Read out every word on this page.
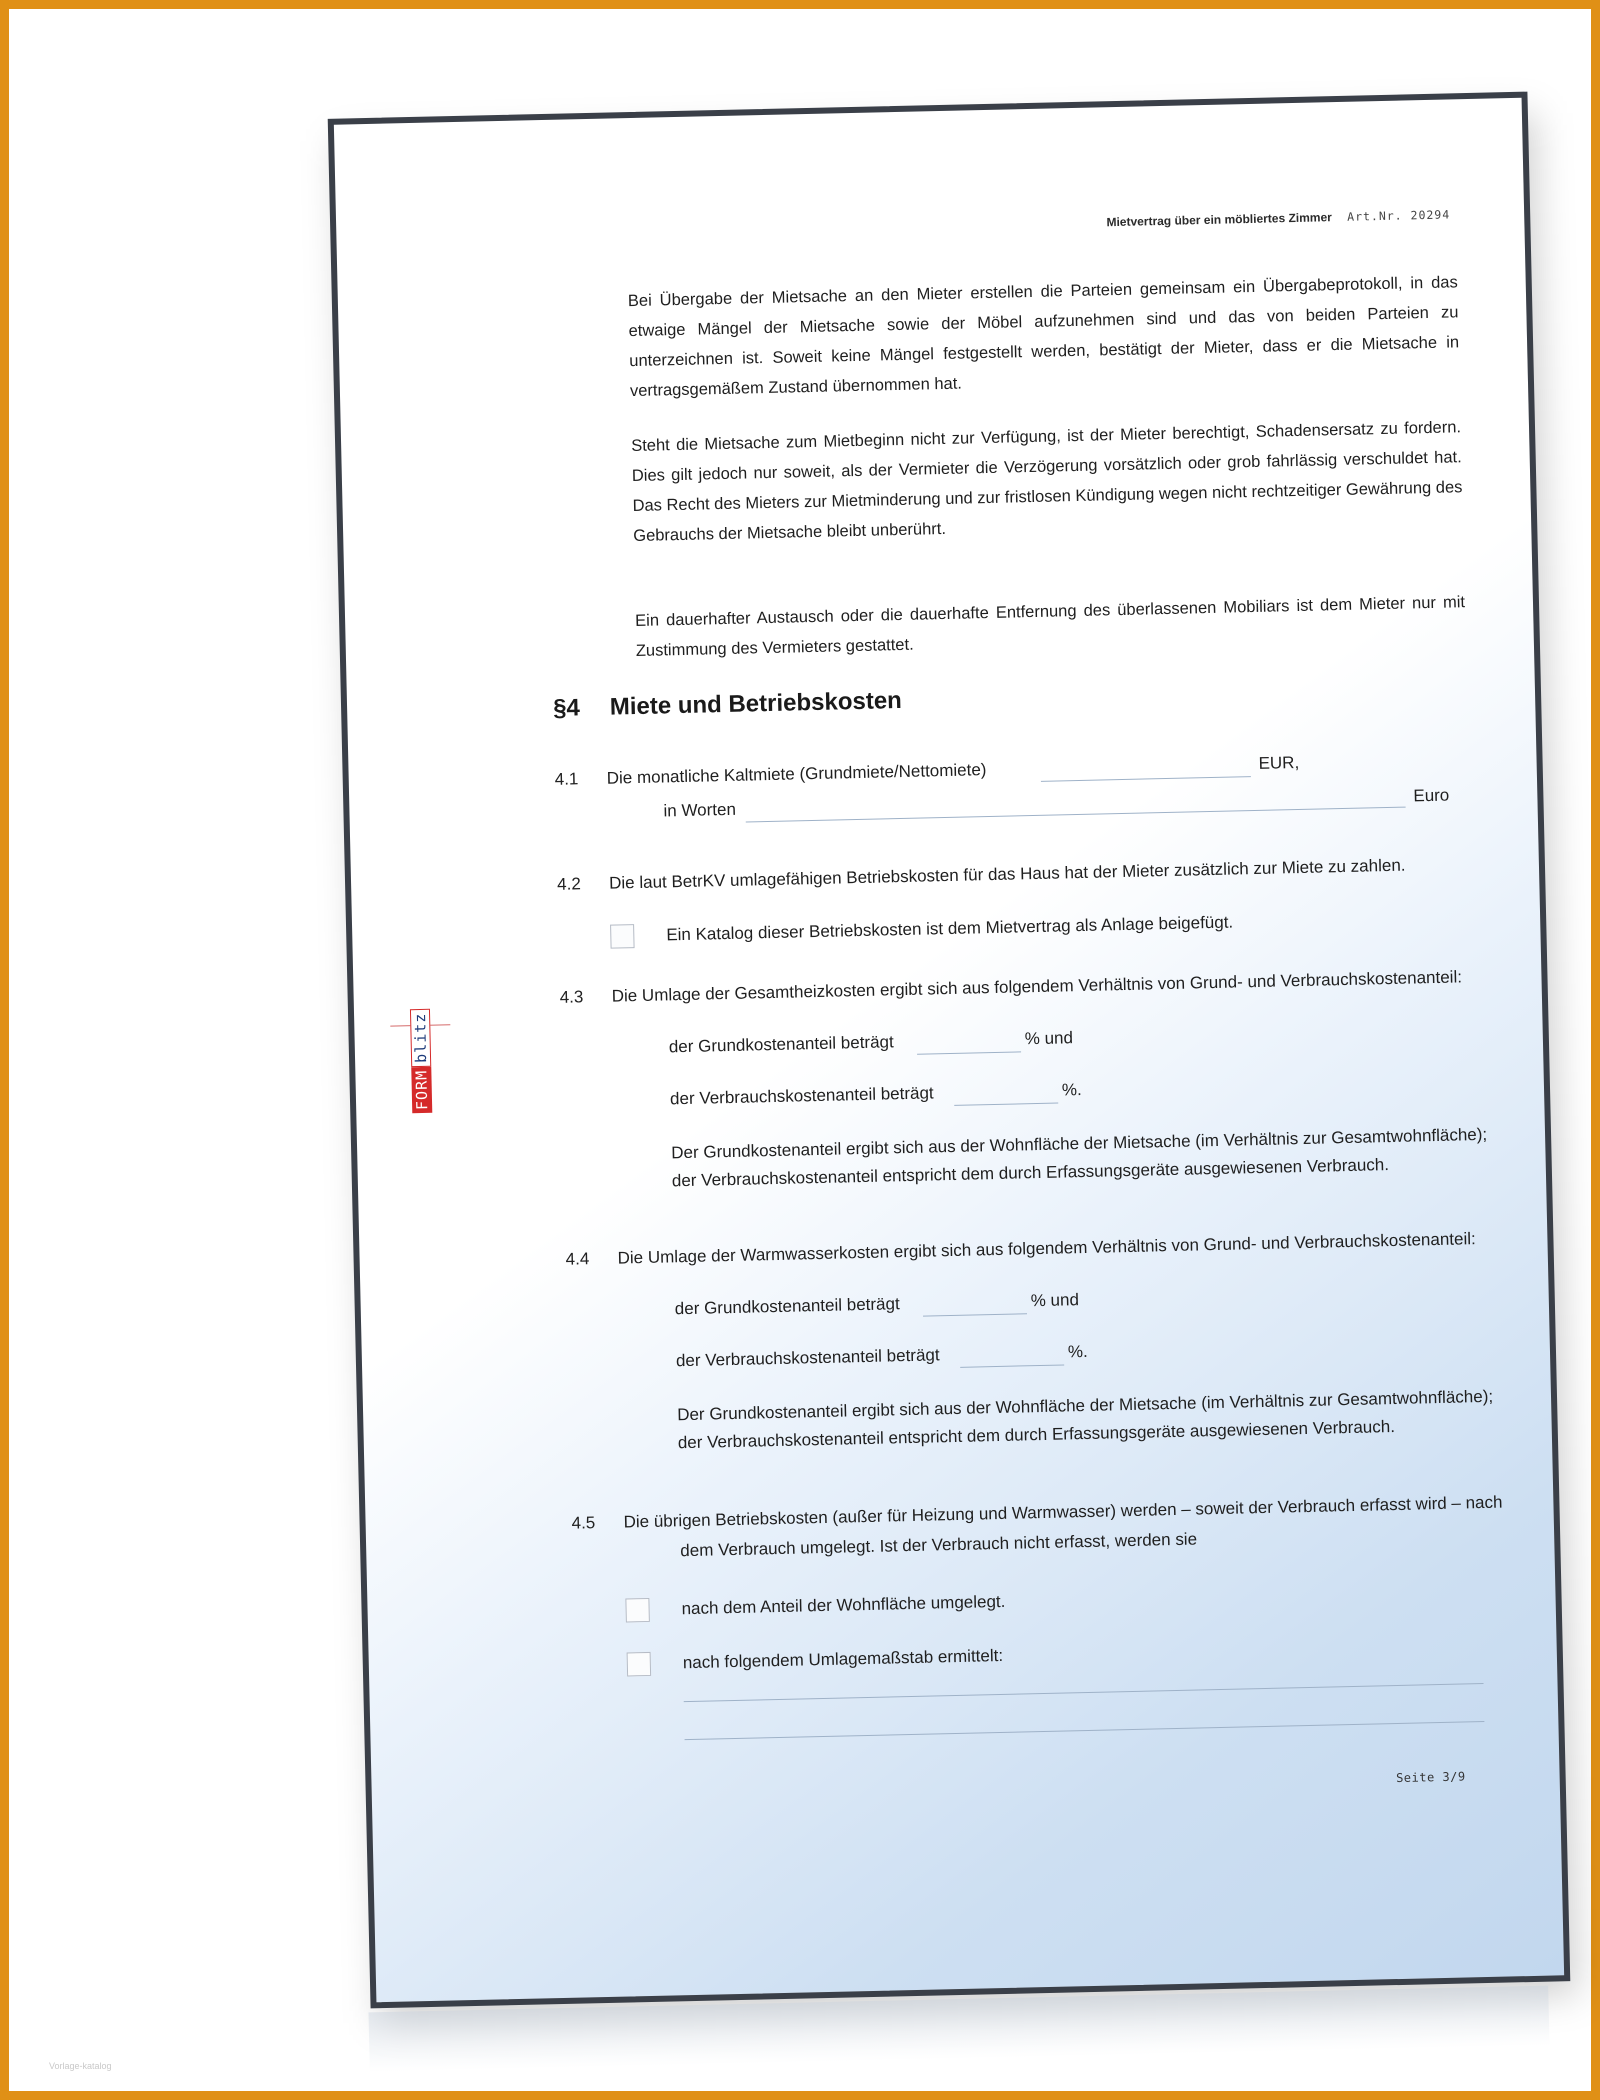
Mietvertrag über ein möbliertes Zimmer Art.Nr. 20294

Bei Übergabe der Mietsache an den Mieter erstellen die Parteien gemeinsam ein Übergabeprotokoll, in das etwaige Mängel der Mietsache sowie der Möbel aufzunehmen sind und das von beiden Parteien zu unterzeichnen ist. Soweit keine Mängel festgestellt werden, bestätigt der Mieter, dass er die Mietsache in vertragsgemäßem Zustand übernommen hat.

Steht die Mietsache zum Mietbeginn nicht zur Verfügung, ist der Mieter berechtigt, Schadensersatz zu fordern. Dies gilt jedoch nur soweit, als der Vermieter die Verzögerung vorsätzlich oder grob fahrlässig verschuldet hat. Das Recht des Mieters zur Mietminderung und zur fristlosen Kündigung wegen nicht rechtzeitiger Gewährung des Gebrauchs der Mietsache bleibt unberührt.

Ein dauerhafter Austausch oder die dauerhafte Entfernung des überlassenen Mobiliars ist dem Mieter nur mit Zustimmung des Vermieters gestattet.

§4 Miete und Betriebskosten
4.1 Die monatliche Kaltmiete (Grundmiete/Nettomiete)	EUR,
in Worten
Euro
4.2 Die laut BetrKV umlagefähigen Betriebskosten für das Haus hat der Mieter zusätzlich zur Miete zu zahlen.
Ein Katalog dieser Betriebskosten ist dem Mietvertrag als Anlage beigefügt.
4.3 Die Umlage der Gesamtheizkosten ergibt sich aus folgendem Verhältnis von Grund- und Verbrauchskostenanteil:
der Grundkostenanteil beträgt	% und
der Verbrauchskostenanteil beträgt	%.
Der Grundkostenanteil ergibt sich aus der Wohnfläche der Mietsache (im Verhältnis zur Gesamtwohnfläche);
der Verbrauchskostenanteil entspricht dem durch Erfassungsgeräte ausgewiesenen Verbrauch.
4.4 Die Umlage der Warmwasserkosten ergibt sich aus folgendem Verhältnis von Grund- und Verbrauchskostenanteil:
der Grundkostenanteil beträgt	% und
der Verbrauchskostenanteil beträgt	%.
Der Grundkostenanteil ergibt sich aus der Wohnfläche der Mietsache (im Verhältnis zur Gesamtwohnfläche);
der Verbrauchskostenanteil entspricht dem durch Erfassungsgeräte ausgewiesenen Verbrauch.
4.5 Die übrigen Betriebskosten (außer für Heizung und Warmwasser) werden – soweit der Verbrauch erfasst wird – nach
dem Verbrauch umgelegt. Ist der Verbrauch nicht erfasst, werden sie
nach dem Anteil der Wohnfläche umgelegt.
nach folgendem Umlagemaßstab ermittelt:
Seite 3/9
FORMblitz
Vorlage-katalog
